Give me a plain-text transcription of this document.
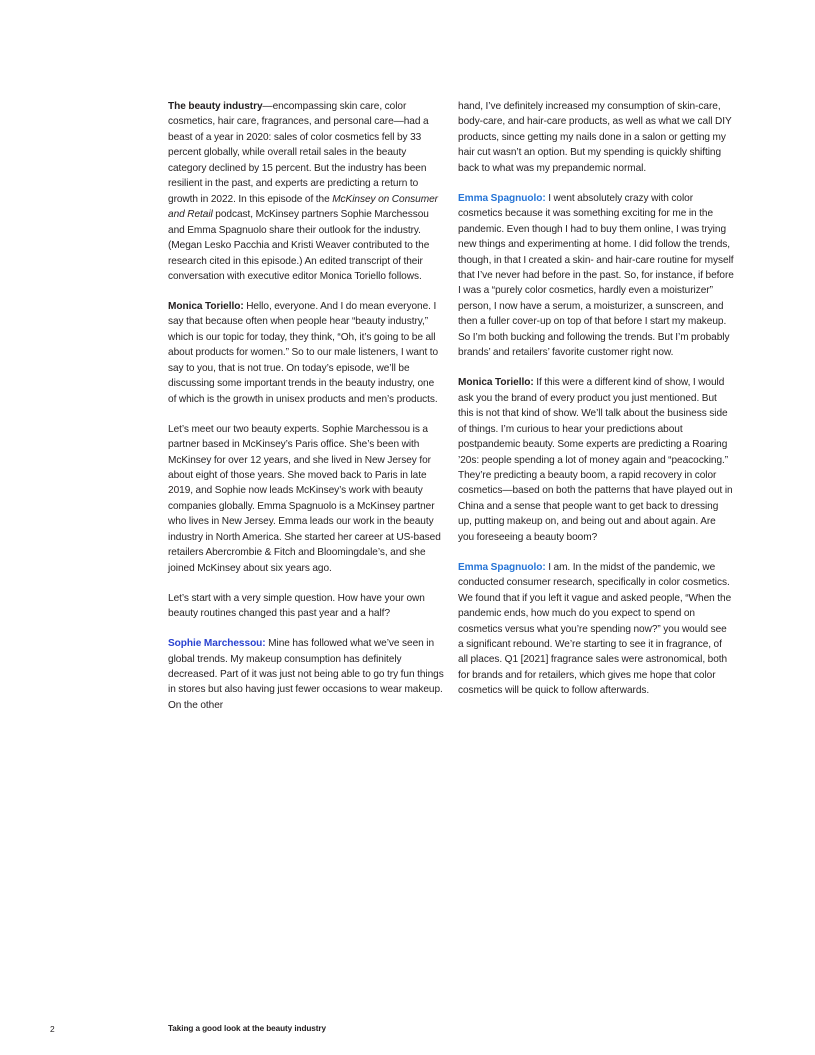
The beauty industry—encompassing skin care, color cosmetics, hair care, fragrances, and personal care—had a beast of a year in 2020: sales of color cosmetics fell by 33 percent globally, while overall retail sales in the beauty category declined by 15 percent. But the industry has been resilient in the past, and experts are predicting a return to growth in 2022. In this episode of the McKinsey on Consumer and Retail podcast, McKinsey partners Sophie Marchessou and Emma Spagnuolo share their outlook for the industry. (Megan Lesko Pacchia and Kristi Weaver contributed to the research cited in this episode.) An edited transcript of their conversation with executive editor Monica Toriello follows.

Monica Toriello: Hello, everyone. And I do mean everyone. I say that because often when people hear “beauty industry,” which is our topic for today, they think, “Oh, it’s going to be all about products for women.” So to our male listeners, I want to say to you, that is not true. On today’s episode, we’ll be discussing some important trends in the beauty industry, one of which is the growth in unisex products and men’s products.

Let’s meet our two beauty experts. Sophie Marchessou is a partner based in McKinsey’s Paris office. She’s been with McKinsey for over 12 years, and she lived in New Jersey for about eight of those years. She moved back to Paris in late 2019, and Sophie now leads McKinsey’s work with beauty companies globally. Emma Spagnuolo is a McKinsey partner who lives in New Jersey. Emma leads our work in the beauty industry in North America. She started her career at US-based retailers Abercrombie & Fitch and Bloomingdale’s, and she joined McKinsey about six years ago.

Let’s start with a very simple question. How have your own beauty routines changed this past year and a half?

Sophie Marchessou: Mine has followed what we’ve seen in global trends. My makeup consumption has definitely decreased. Part of it was just not being able to go try fun things in stores but also having just fewer occasions to wear makeup. On the other

hand, I’ve definitely increased my consumption of skin-care, body-care, and hair-care products, as well as what we call DIY products, since getting my nails done in a salon or getting my hair cut wasn’t an option. But my spending is quickly shifting back to what was my prepandemic normal.

Emma Spagnuolo: I went absolutely crazy with color cosmetics because it was something exciting for me in the pandemic. Even though I had to buy them online, I was trying new things and experimenting at home. I did follow the trends, though, in that I created a skin- and hair-care routine for myself that I’ve never had before in the past. So, for instance, if before I was a “purely color cosmetics, hardly even a moisturizer” person, I now have a serum, a moisturizer, a sunscreen, and then a fuller cover-up on top of that before I start my makeup. So I’m both bucking and following the trends. But I’m probably brands’ and retailers’ favorite customer right now.

Monica Toriello: If this were a different kind of show, I would ask you the brand of every product you just mentioned. But this is not that kind of show. We’ll talk about the business side of things. I’m curious to hear your predictions about postpandemic beauty. Some experts are predicting a Roaring ’20s: people spending a lot of money again and “peacocking.” They’re predicting a beauty boom, a rapid recovery in color cosmetics—based on both the patterns that have played out in China and a sense that people want to get back to dressing up, putting makeup on, and being out and about again. Are you foreseeing a beauty boom?

Emma Spagnuolo: I am. In the midst of the pandemic, we conducted consumer research, specifically in color cosmetics. We found that if you left it vague and asked people, “When the pandemic ends, how much do you expect to spend on cosmetics versus what you’re spending now?” you would see a significant rebound. We’re starting to see it in fragrance, of all places. Q1 [2021] fragrance sales were astronomical, both for brands and for retailers, which gives me hope that color cosmetics will be quick to follow afterwards.

2	Taking a good look at the beauty industry
